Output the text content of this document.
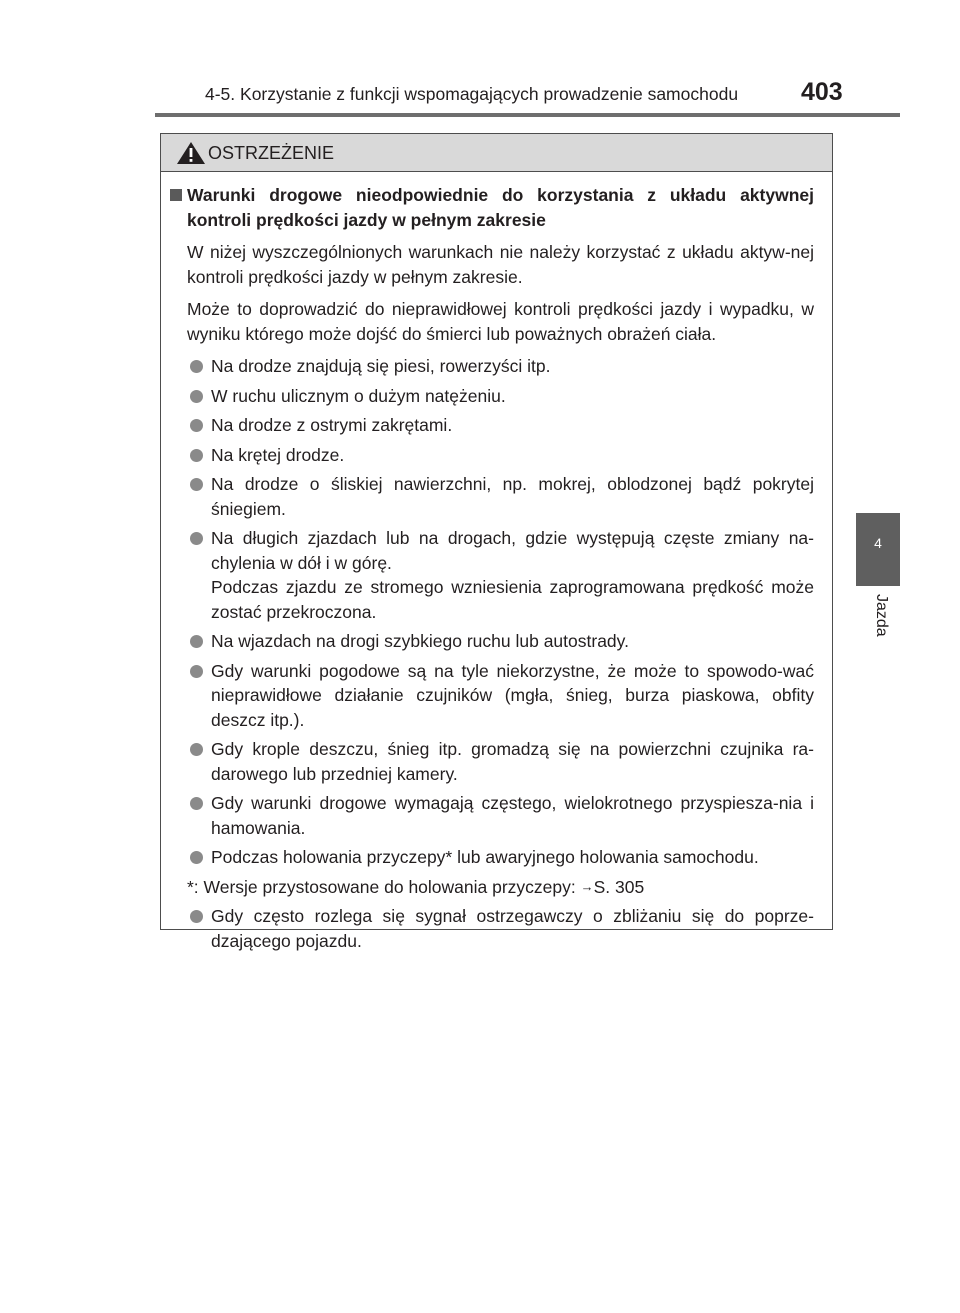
4-5. Korzystanie z funkcji wspomagających prowadzenie samochodu	403
4
Jazda
OSTRZEŻENIE
Warunki drogowe nieodpowiednie do korzystania z układu aktywnej kontroli prędkości jazdy w pełnym zakresie
W niżej wyszczególnionych warunkach nie należy korzystać z układu aktyw-nej kontroli prędkości jazdy w pełnym zakresie.
Może to doprowadzić do nieprawidłowej kontroli prędkości jazdy i wypadku, w wyniku którego może dojść do śmierci lub poważnych obrażeń ciała.
Na drodze znajdują się piesi, rowerzyści itp.
W ruchu ulicznym o dużym natężeniu.
Na drodze z ostrymi zakrętami.
Na krętej drodze.
Na drodze o śliskiej nawierzchni, np. mokrej, oblodzonej bądź pokrytej śniegiem.
Na długich zjazdach lub na drogach, gdzie występują częste zmiany na-chylenia w dół i w górę.
Podczas zjazdu ze stromego wzniesienia zaprogramowana prędkość może zostać przekroczona.
Na wjazdach na drogi szybkiego ruchu lub autostrady.
Gdy warunki pogodowe są na tyle niekorzystne, że może to spowodo-wać nieprawidłowe działanie czujników (mgła, śnieg, burza piaskowa, obfity deszcz itp.).
Gdy krople deszczu, śnieg itp. gromadzą się na powierzchni czujnika ra-darowego lub przedniej kamery.
Gdy warunki drogowe wymagają częstego, wielokrotnego przyspiesza-nia i hamowania.
Podczas holowania przyczepy* lub awaryjnego holowania samochodu.
*: Wersje przystosowane do holowania przyczepy: →S. 305
Gdy często rozlega się sygnał ostrzegawczy o zbliżaniu się do poprze-dzającego pojazdu.
